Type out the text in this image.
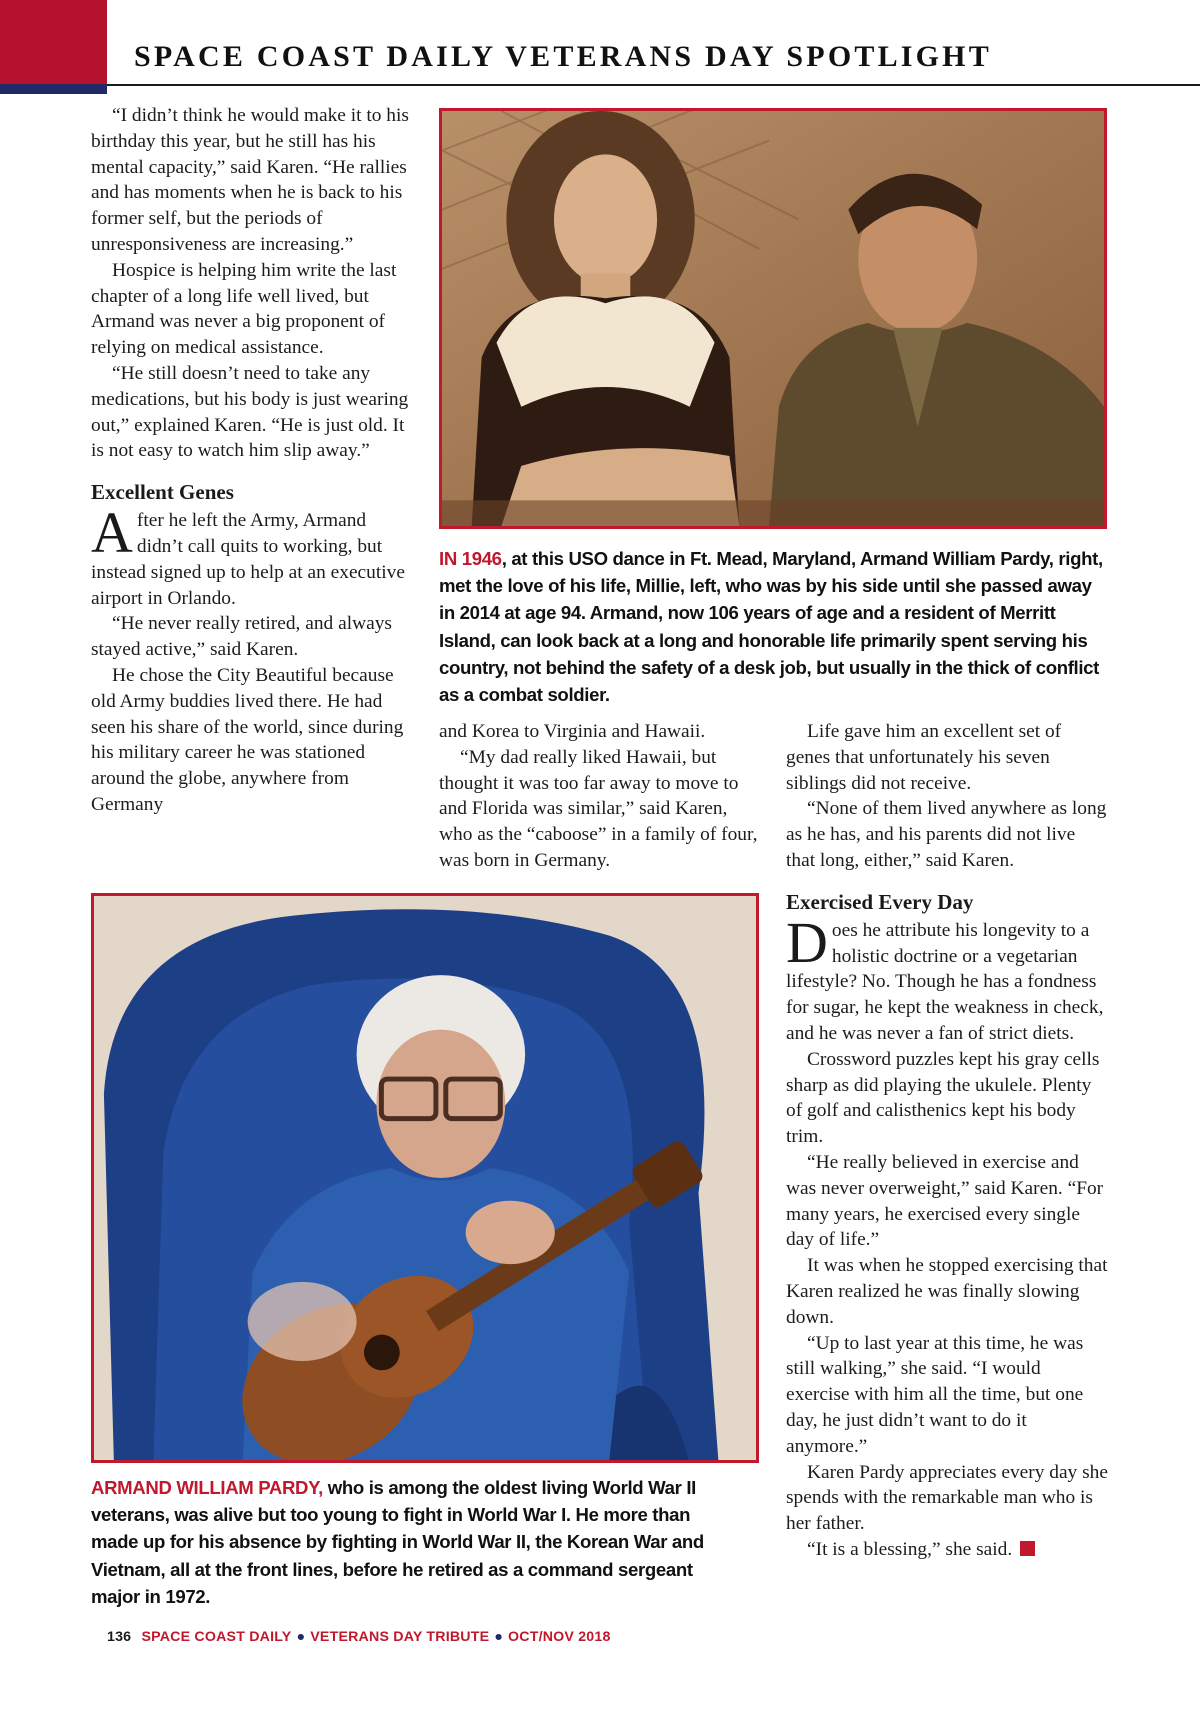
SPACE COAST DAILY VETERANS DAY SPOTLIGHT

“I didn’t think he would make it to his birthday this year, but he still has his mental capacity,” said Karen. “He rallies and has moments when he is back to his former self, but the periods of unresponsiveness are increasing.”

Hospice is helping him write the last chapter of a long life well lived, but Armand was never a big proponent of relying on medical assistance.

“He still doesn’t need to take any medications, but his body is just wearing out,” explained Karen. “He is just old. It is not easy to watch him slip away.”

Excellent Genes

After he left the Army, Armand didn’t call quits to working, but instead signed up to help at an executive airport in Orlando.

“He never really retired, and always stayed active,” said Karen.

He chose the City Beautiful because old Army buddies lived there. He had seen his share of the world, since during his military career he was stationed around the globe, anywhere from Germany

IN 1946, at this USO dance in Ft. Mead, Maryland, Armand William Pardy, right, met the love of his life, Millie, left, who was by his side until she passed away in 2014 at age 94. Armand, now 106 years of age and a resident of Merritt Island, can look back at a long and honorable life primarily spent serving his country, not behind the safety of a desk job, but usually in the thick of conflict as a combat soldier.

and Korea to Virginia and Hawaii.

“My dad really liked Hawaii, but thought it was too far away to move to and Florida was similar,” said Karen, who as the “caboose” in a family of four, was born in Germany.

Life gave him an excellent set of genes that unfortunately his seven siblings did not receive.

“None of them lived anywhere as long as he has, and his parents did not live that long, either,” said Karen.

Exercised Every Day

Does he attribute his longevity to a holistic doctrine or a vegetarian lifestyle? No. Though he has a fondness for sugar, he kept the weakness in check, and he was never a fan of strict diets.

Crossword puzzles kept his gray cells sharp as did playing the ukulele. Plenty of golf and calisthenics kept his body trim.

“He really believed in exercise and was never overweight,” said Karen. “For many years, he exercised every single day of life.”

It was when he stopped exercising that Karen realized he was finally slowing down.

“Up to last year at this time, he was still walking,” she said. “I would exercise with him all the time, but one day, he just didn’t want to do it anymore.”

Karen Pardy appreciates every day she spends with the remarkable man who is her father.

“It is a blessing,” she said.

ARMAND WILLIAM PARDY, who is among the oldest living World War II veterans, was alive but too young to fight in World War I. He more than made up for his absence by fighting in World War II, the Korean War and Vietnam, all at the front lines, before he retired as a command sergeant major in 1972.
136 SPACE COAST DAILY ● VETERANS DAY TRIBUTE ● OCT/NOV 2018
